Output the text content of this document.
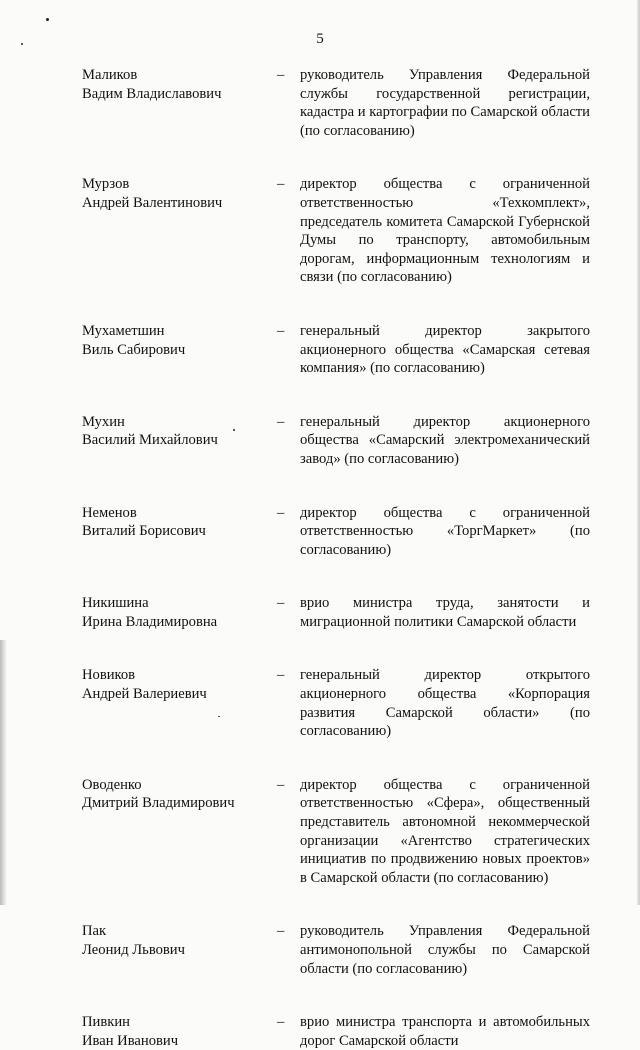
5
Маликов
Вадим Владиславович
– руководитель Управления Федеральной службы государственной регистрации, кадастра и картографии по Самарской области (по согласованию)
Мурзов
Андрей Валентинович
– директор общества с ограниченной ответственностью «Техкомплект», председатель комитета Самарской Губернской Думы по транспорту, автомобильным дорогам, информационным технологиям и связи (по согласованию)
Мухаметшин
Виль Сабирович
– генеральный директор закрытого акционерного общества «Самарская сетевая компания» (по согласованию)
Мухин
Василий Михайлович
– генеральный директор акционерного общества «Самарский электромеханический завод» (по согласованию)
Неменов
Виталий Борисович
– директор общества с ограниченной ответственностью «ТоргМаркет» (по согласованию)
Никишина
Ирина Владимировна
– врио министра труда, занятости и миграционной политики Самарской области
Новиков
Андрей Валериевич
– генеральный директор открытого акционерного общества «Корпорация развития Самарской области» (по согласованию)
Оводенко
Дмитрий Владимирович
– директор общества с ограниченной ответственностью «Сфера», общественный представитель автономной некоммерческой организации «Агентство стратегических инициатив по продвижению новых проектов» в Самарской области (по согласованию)
Пак
Леонид Львович
– руководитель Управления Федеральной антимонопольной службы по Самарской области (по согласованию)
Пивкин
Иван Иванович
– врио министра транспорта и автомобильных дорог Самарской области
